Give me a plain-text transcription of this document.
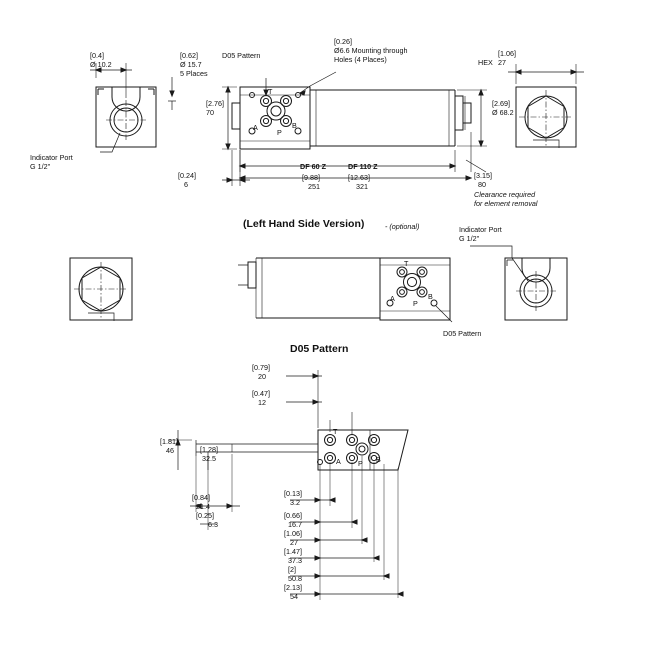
[0.4]
Ø 10.2
Indicator Port
G 1/2"
[0.62]
Ø 15.7
5 Places
D05 Pattern
[0.26]
Ø6.6 Mounting through
Holes (4 Places)
[2.76]
70
[2.69]
Ø 68.2
[1.06]
HEX 27
[0.24]
6
DF 60 Z
[9.88]
251
DF 110 Z
[12.63]
321
[3.15]
80
Clearance required
for element removal
T
A	B
P
(Left Hand Side Version)	- (optional)	Indicator Port
G 1/2"
D05 Pattern
T
A	B
P
D05 Pattern
[0.79]
20
[0.47]
12
[1.81]
46	[1.28]
32.5
[0.84]
21.4
[0.25]
6.3
[0.13]
3.2
[0.66]
16.7
[1.06]
27
[1.47]
37.3
[2]
50.8
[2.13]
54
T
A	B
P
